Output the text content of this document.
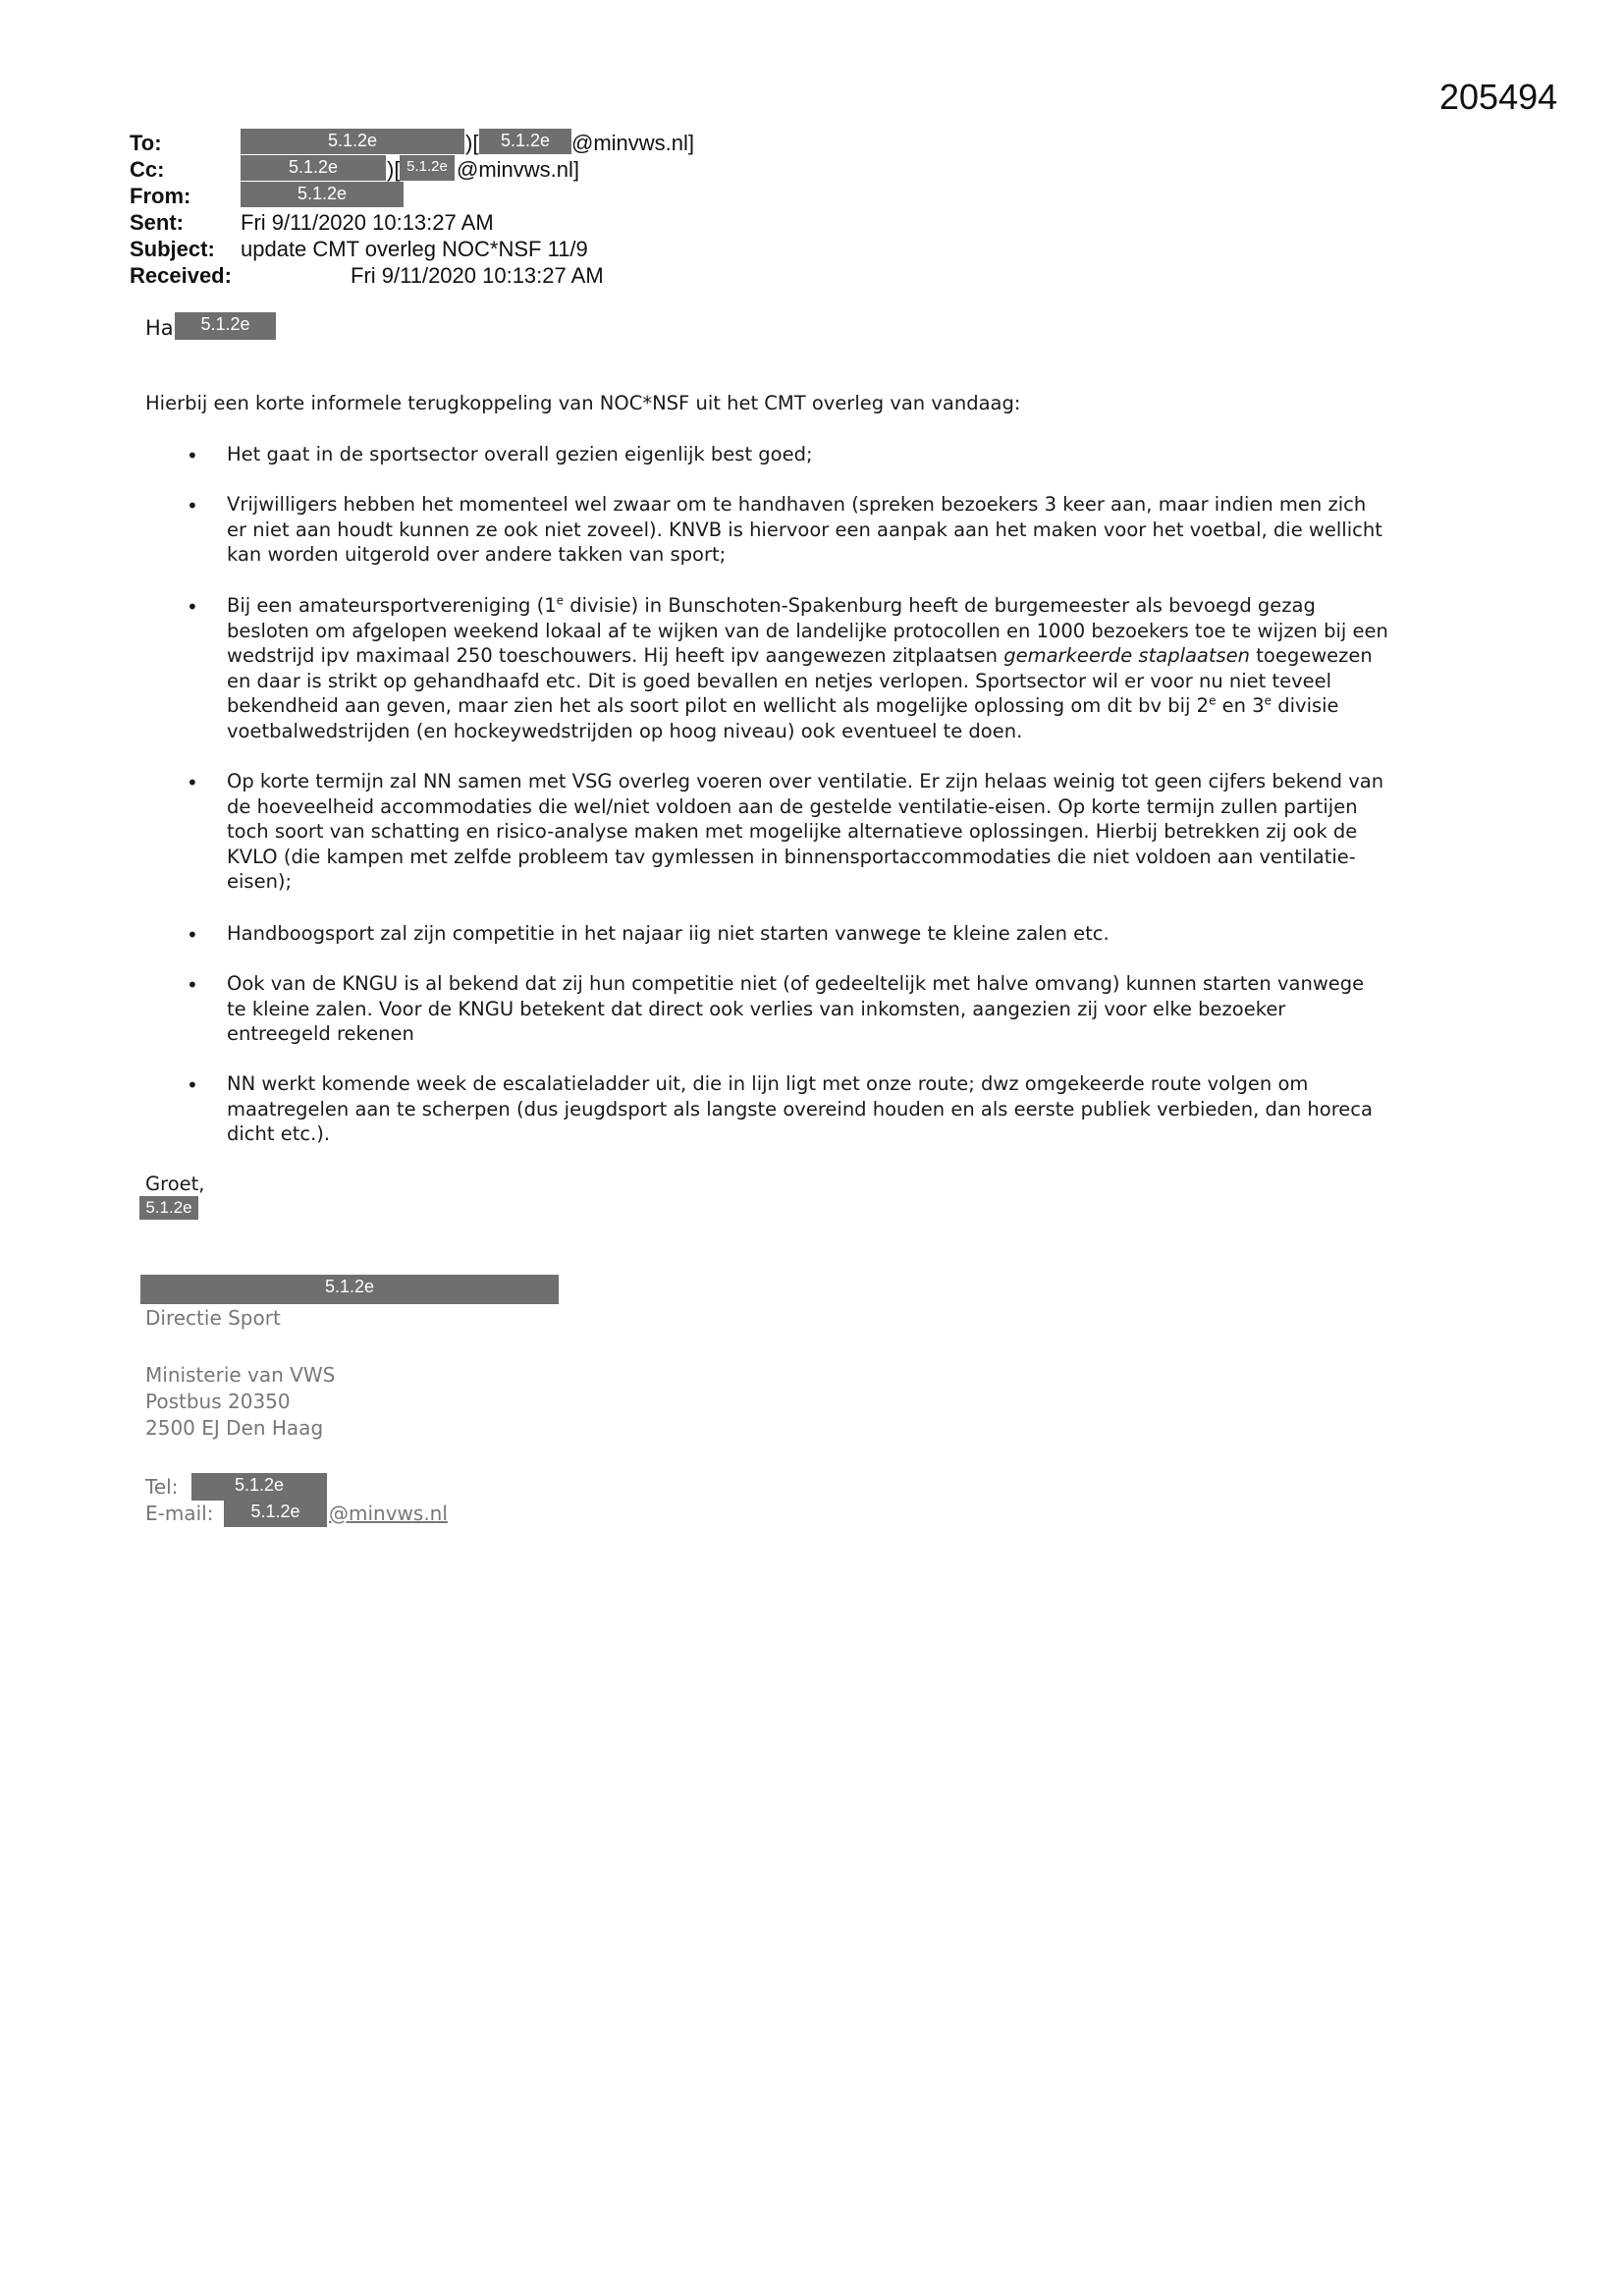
205494
To:	5.1.2e	)[	5.1.2e @minvws.nl]
Cc:	5.1.2e	)[ 5.1.2e @minvws.nl]
From:	5.1.2e
Sent:	Fri 9/11/2020 10:13:27 AM
Subject: update CMT overleg NOC*NSF 11/9
Received:	Fri 9/11/2020 10:13:27 AM
Ha	5.1.2e
Hierbij een korte informele terugkoppeling van NOC*NSF uit het CMT overleg van vandaag:
• Het gaat in de sportsector overall gezien eigenlijk best goed;

• Vrijwilligers hebben het momenteel wel zwaar om te handhaven (spreken bezoekers 3 keer aan, maar indien men zich

er niet aan houdt kunnen ze ook niet zoveel). KNVB is hiervoor een aanpak aan het maken voor het voetbal, die wellicht

kan worden uitgerold over andere takken van sport;

• Bij een amateursportvereniging (1e divisie) in Bunschoten-Spakenburg heeft de burgemeester als bevoegd gezag

besloten om afgelopen weekend lokaal af te wijken van de landelijke protocollen en 1000 bezoekers toe te wijzen bij een

wedstrijd ipv maximaal 250 toeschouwers. Hij heeft ipv aangewezen zitplaatsen gemarkeerde staplaatsen toegewezen

en daar is strikt op gehandhaafd etc. Dit is goed bevallen en netjes verlopen. Sportsector wil er voor nu niet teveel

bekendheid aan geven, maar zien het als soort pilot en wellicht als mogelijke oplossing om dit bv bij 2e en 3e divisie

voetbalwedstrijden (en hockeywedstrijden op hoog niveau) ook eventueel te doen.

• Op korte termijn zal NN samen met VSG overleg voeren over ventilatie. Er zijn helaas weinig tot geen cijfers bekend van

de hoeveelheid accommodaties die wel/niet voldoen aan de gestelde ventilatie-eisen. Op korte termijn zullen partijen

toch soort van schatting en risico-analyse maken met mogelijke alternatieve oplossingen. Hierbij betrekken zij ook de

KVLO (die kampen met zelfde probleem tav gymlessen in binnensportaccommodaties die niet voldoen aan ventilatie-

eisen);

• Handboogsport zal zijn competitie in het najaar iig niet starten vanwege te kleine zalen etc.

• Ook van de KNGU is al bekend dat zij hun competitie niet (of gedeeltelijk met halve omvang) kunnen starten vanwege

te kleine zalen. Voor de KNGU betekent dat direct ook verlies van inkomsten, aangezien zij voor elke bezoeker

entreegeld rekenen

• NN werkt komende week de escalatieladder uit, die in lijn ligt met onze route; dwz omgekeerde route volgen om

maatregelen aan te scherpen (dus jeugdsport als langste overeind houden en als eerste publiek verbieden, dan horeca

dicht etc.).

Groet,
5.1.2e
5.1.2e
Directie Sport
Ministerie van VWS
Postbus 20350
2500 EJ Den Haag
Tel:	5.1.2e
E-mail:	5.1.2e	@minvws.nl
